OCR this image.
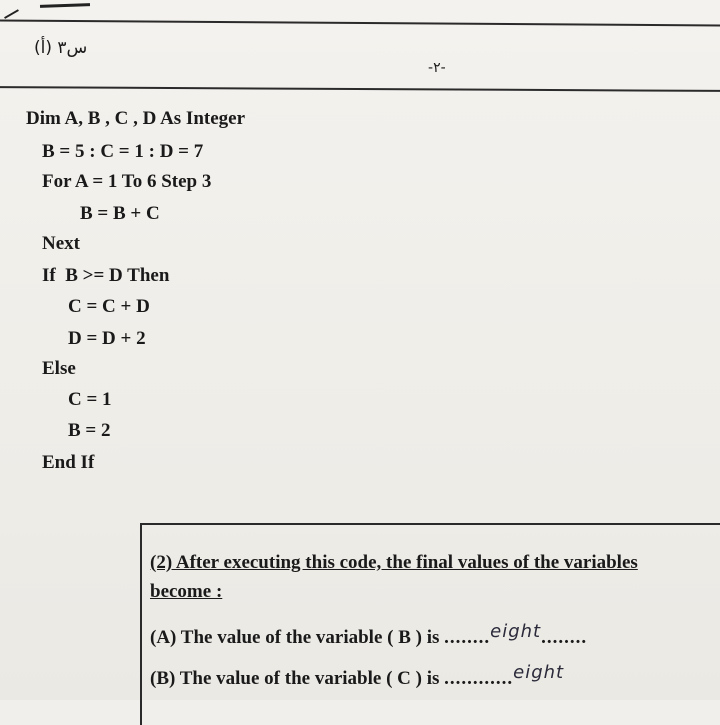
س٣ (أ)
-٢-
Dim A, B , C , D As Integer
B = 5 : C = 1 : D = 7
For A = 1 To 6 Step 3
B = B + C
Next
If  B >= D Then
C = C + D
D = D + 2
Else
C = 1
B = 2
End If
(2) After executing this code, the final values of the variables
become :
(A) The value of the variable ( B ) is ........eight........
(B) The value of the variable ( C ) is ............eight
